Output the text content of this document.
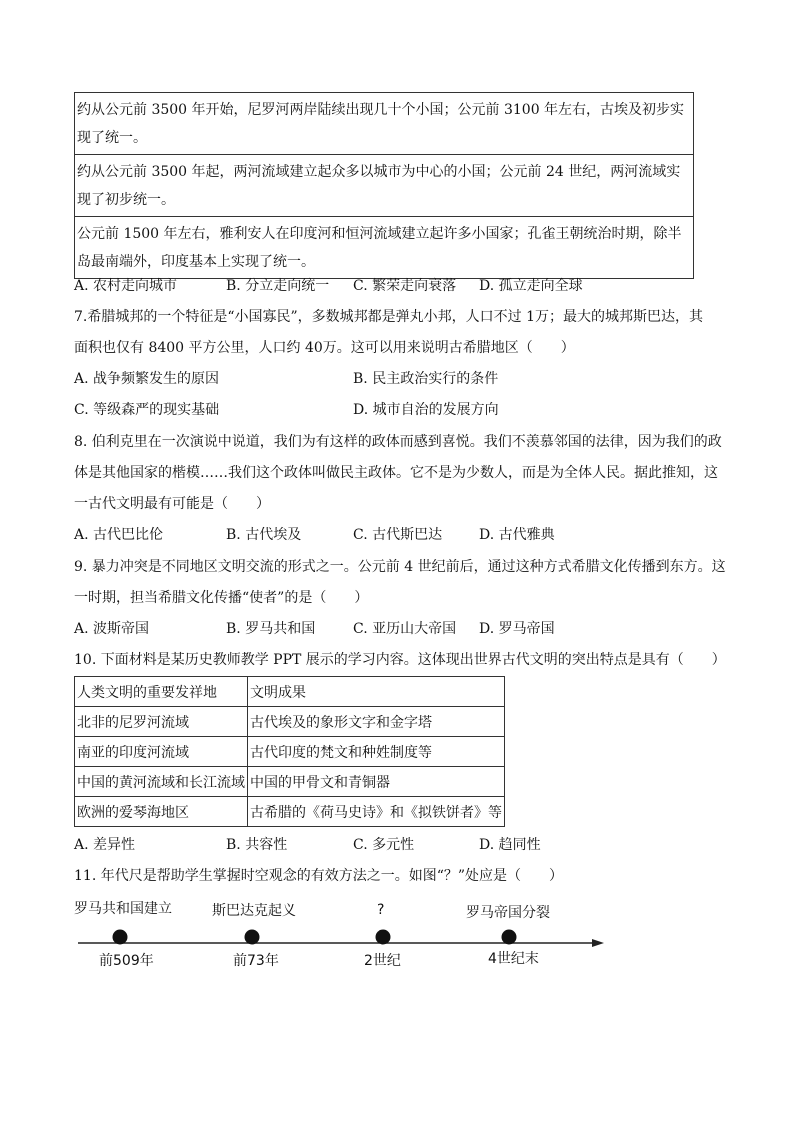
约从公元前 3500 年开始，尼罗河两岸陆续出现几十个小国；公元前 3100 年左右，古埃及初步实现了统一。
约从公元前 3500 年起，两河流域建立起众多以城市为中心的小国；公元前 24 世纪，两河流域实现了初步统一。
公元前 1500 年左右，雅利安人在印度河和恒河流域建立起许多小国家；孔雀王朝统治时期，除半岛最南端外，印度基本上实现了统一。
A. 农村走向城市	B. 分立走向统一 C. 繁荣走向衰落 D. 孤立走向全球
7.希腊城邦的一个特征是“小国寡民”，多数城邦都是弹丸小邦，人口不过 1万；最大的城邦斯巴达，其
面积也仅有 8400 平方公里，人口约 40万。这可以用来说明古希腊地区（　　）
A. 战争频繁发生的原因	B. 民主政治实行的条件
C. 等级森严的现实基础	D. 城市自治的发展方向
8. 伯利克里在一次演说中说道，我们为有这样的政体而感到喜悦。我们不羡慕邻国的法律，因为我们的政
体是其他国家的楷模……我们这个政体叫做民主政体。它不是为少数人，而是为全体人民。据此推知，这
一古代文明最有可能是（　　）
A. 古代巴比伦	B. 古代埃及	C. 古代斯巴达	D. 古代雅典
9. 暴力冲突是不同地区文明交流的形式之一。公元前 4 世纪前后，通过这种方式希腊文化传播到东方。这
一时期，担当希腊文化传播“使者”的是（　　）
A. 波斯帝国	B. 罗马共和国	C. 亚历山大帝国 D. 罗马帝国
10. 下面材料是某历史教师教学 PPT 展示的学习内容。这体现出世界古代文明的突出特点是具有（　　）
人类文明的重要发祥地	文明成果
北非的尼罗河流域	古代埃及的象形文字和金字塔
南亚的印度河流域	古代印度的梵文和种姓制度等
中国的黄河流域和长江流域	中国的甲骨文和青铜器
欧洲的爱琴海地区	古希腊的《荷马史诗》和《拟铁饼者》等
A. 差异性	B. 共容性	C. 多元性	D. 趋同性
11. 年代尺是帮助学生掌握时空观念的有效方法之一。如图“？”处应是（　　）
罗马共和国建立	斯巴达克起义	?	罗马帝国分裂
前509年	前73年	2世纪	4世纪末
